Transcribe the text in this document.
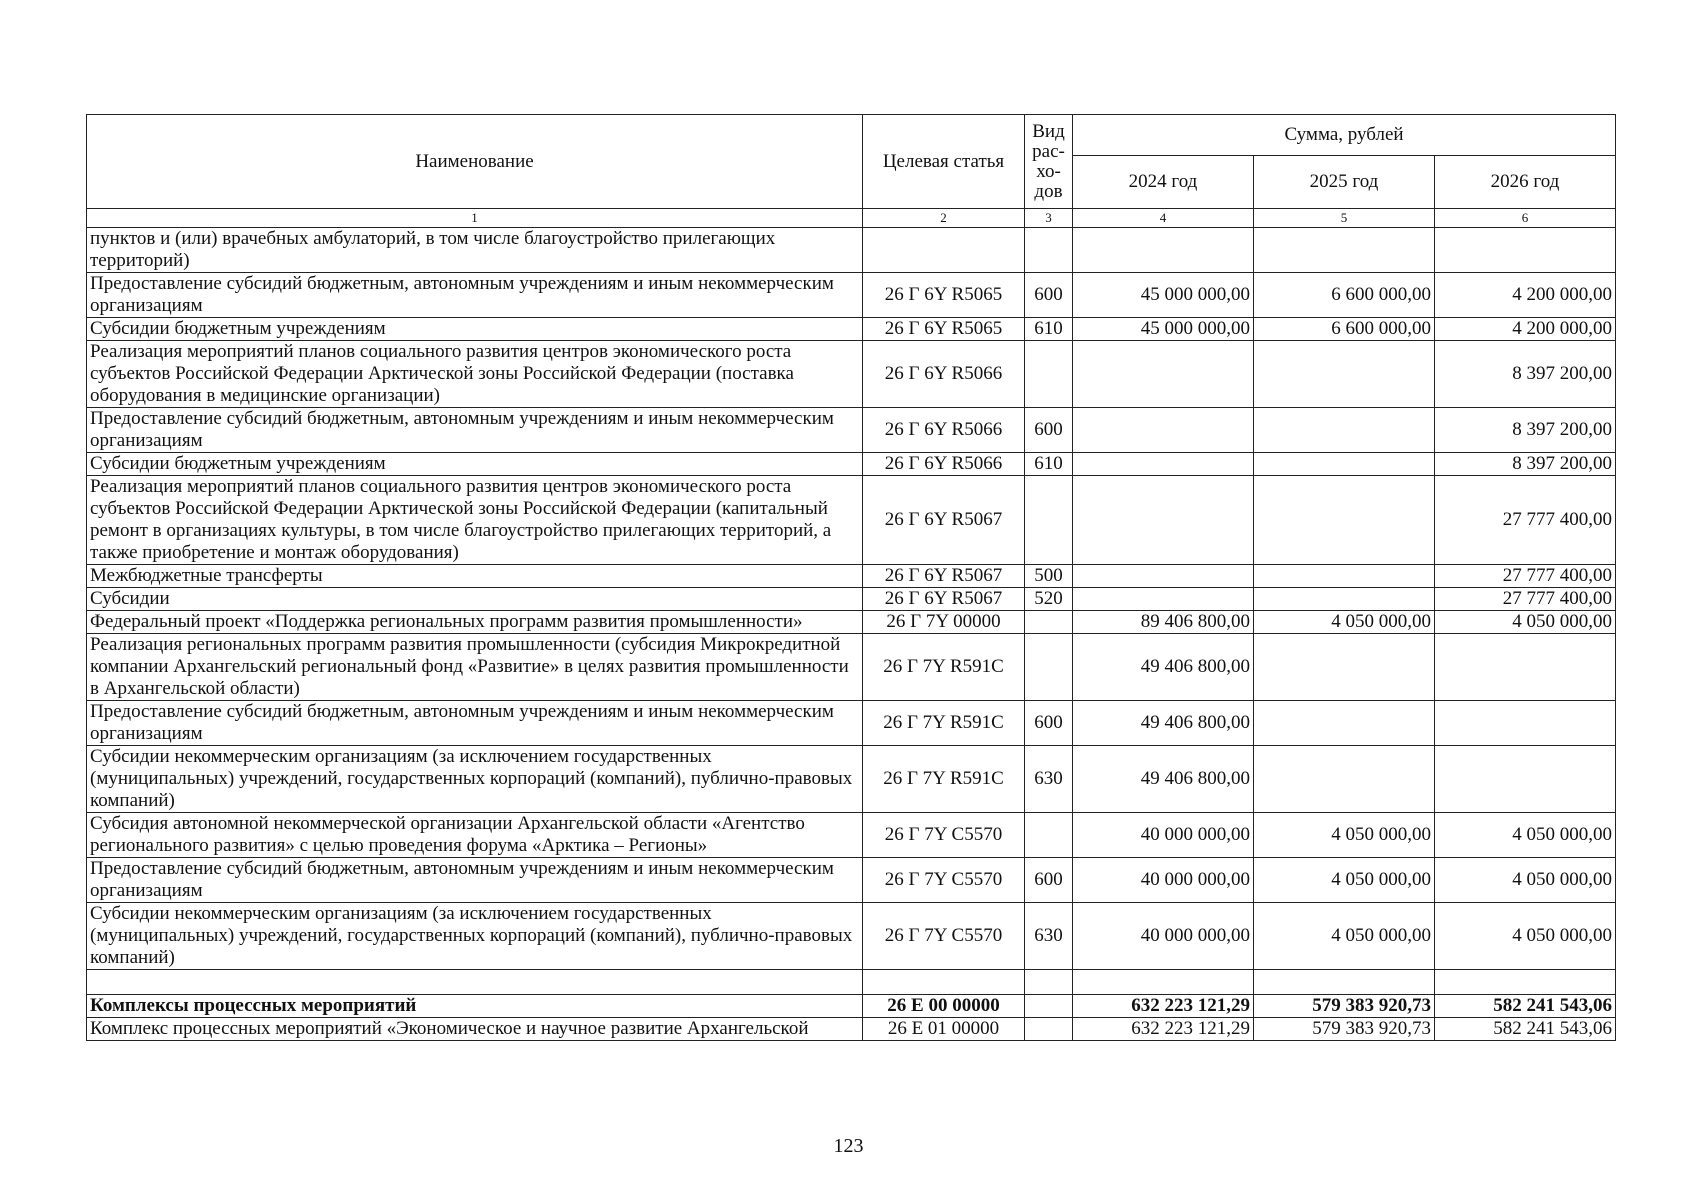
Наименование	Целевая статья	Вид рас-хо-дов	Сумма, рублей		
			2024 год	2025 год	2026 год
1	2	3	4	5	6
пунктов и (или) врачебных амбулаторий, в том числе благоустройство прилегающих территорий)					
Предоставление субсидий бюджетным, автономным учреждениям и иным некоммерческим организациям	26 Г 6Y R5065	600	45 000 000,00	6 600 000,00	4 200 000,00
Субсидии бюджетным учреждениям	26 Г 6Y R5065	610	45 000 000,00	6 600 000,00	4 200 000,00
Реализация мероприятий планов социального развития центров экономического роста субъектов Российской Федерации Арктической зоны Российской Федерации (поставка оборудования в медицинские организации)	26 Г 6Y R5066				8 397 200,00
Предоставление субсидий бюджетным, автономным учреждениям и иным некоммерческим организациям	26 Г 6Y R5066	600			8 397 200,00
Субсидии бюджетным учреждениям	26 Г 6Y R5066	610			8 397 200,00
Реализация мероприятий планов социального развития центров экономического роста субъектов Российской Федерации Арктической зоны Российской Федерации (капитальный ремонт в организациях культуры, в том числе благоустройство прилегающих территорий, а также приобретение и монтаж оборудования)	26 Г 6Y R5067				27 777 400,00
Межбюджетные трансферты	26 Г 6Y R5067	500			27 777 400,00
Субсидии	26 Г 6Y R5067	520			27 777 400,00
Федеральный проект «Поддержка региональных программ развития промышленности»	26 Г 7Y 00000		89 406 800,00	4 050 000,00	4 050 000,00
Реализация региональных программ развития промышленности (субсидия Микрокредитной компании Архангельский региональный фонд «Развитие» в целях развития промышленности в Архангельской области)	26 Г 7Y R591C		49 406 800,00		
Предоставление субсидий бюджетным, автономным учреждениям и иным некоммерческим организациям	26 Г 7Y R591C	600	49 406 800,00		
Субсидии некоммерческим организациям (за исключением государственных (муниципальных) учреждений, государственных корпораций (компаний), публично-правовых компаний)	26 Г 7Y R591C	630	49 406 800,00		
Субсидия автономной некоммерческой организации Архангельской области «Агентство регионального развития» с целью проведения форума «Арктика – Регионы»	26 Г 7Y C5570		40 000 000,00	4 050 000,00	4 050 000,00
Предоставление субсидий бюджетным, автономным учреждениям и иным некоммерческим организациям	26 Г 7Y C5570	600	40 000 000,00	4 050 000,00	4 050 000,00
Субсидии некоммерческим организациям (за исключением государственных (муниципальных) учреждений, государственных корпораций (компаний), публично-правовых компаний)	26 Г 7Y C5570	630	40 000 000,00	4 050 000,00	4 050 000,00

Комплексы процессных мероприятий	26 Е 00 00000		632 223 121,29	579 383 920,73	582 241 543,06
Комплекс процессных мероприятий «Экономическое и научное развитие Архангельской	26 Е 01 00000		632 223 121,29	579 383 920,73	582 241 543,06
123
